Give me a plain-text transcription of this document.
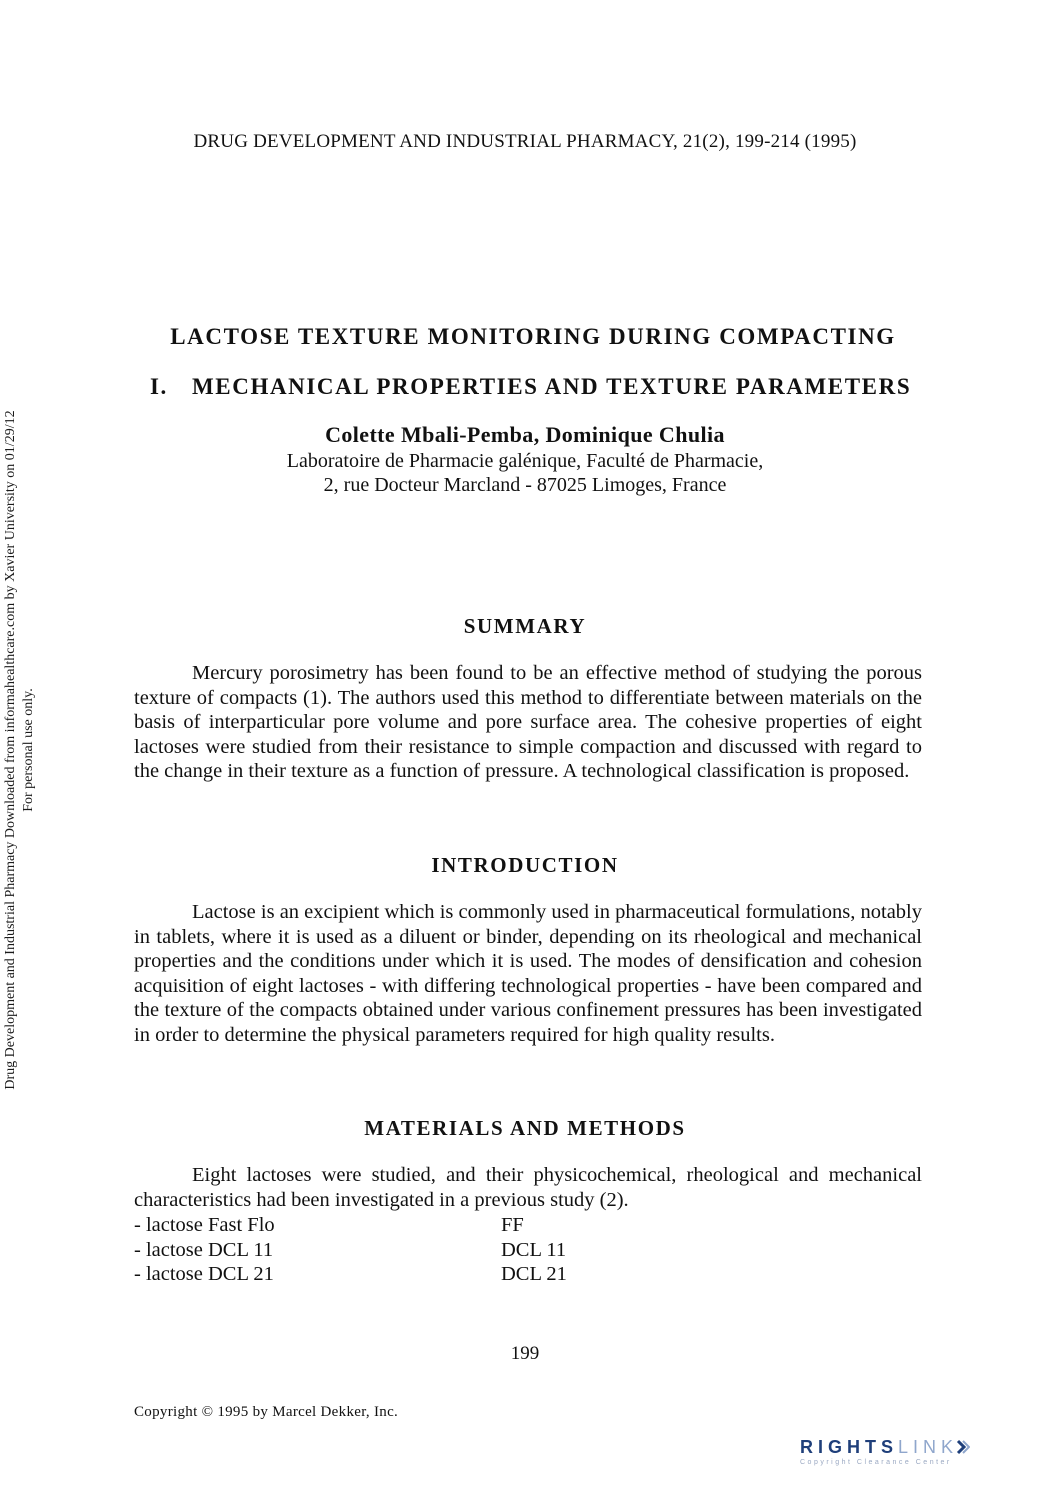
DRUG DEVELOPMENT AND INDUSTRIAL PHARMACY, 21(2), 199-214 (1995)
Drug Development and Industrial Pharmacy Downloaded from informahealthcare.com by Xavier University on 01/29/12 For personal use only.
LACTOSE TEXTURE MONITORING DURING COMPACTING
I. MECHANICAL PROPERTIES AND TEXTURE PARAMETERS
Colette Mbali-Pemba, Dominique Chulia
Laboratoire de Pharmacie galénique, Faculté de Pharmacie,
2, rue Docteur Marcland - 87025 Limoges, France
SUMMARY

Mercury porosimetry has been found to be an effective method of studying the porous texture of compacts (1). The authors used this method to differentiate between materials on the basis of interparticular pore volume and pore surface area. The cohesive properties of eight lactoses were studied from their resistance to simple compaction and discussed with regard to the change in their texture as a function of pressure. A technological classification is proposed.

INTRODUCTION

Lactose is an excipient which is commonly used in pharmaceutical formulations, notably in tablets, where it is used as a diluent or binder, depending on its rheological and mechanical properties and the conditions under which it is used. The modes of densification and cohesion acquisition of eight lactoses - with differing technological properties - have been compared and the texture of the compacts obtained under various confinement pressures has been investigated in order to determine the physical parameters required for high quality results.

MATERIALS AND METHODS

Eight lactoses were studied, and their physicochemical, rheological and mechanical characteristics had been investigated in a previous study (2).

- lactose Fast Flo	FF
- lactose DCL 11	DCL 11
- lactose DCL 21	DCL 21
199
Copyright © 1995 by Marcel Dekker, Inc.
RIGHTSLINK
Copyright Clearance Center
